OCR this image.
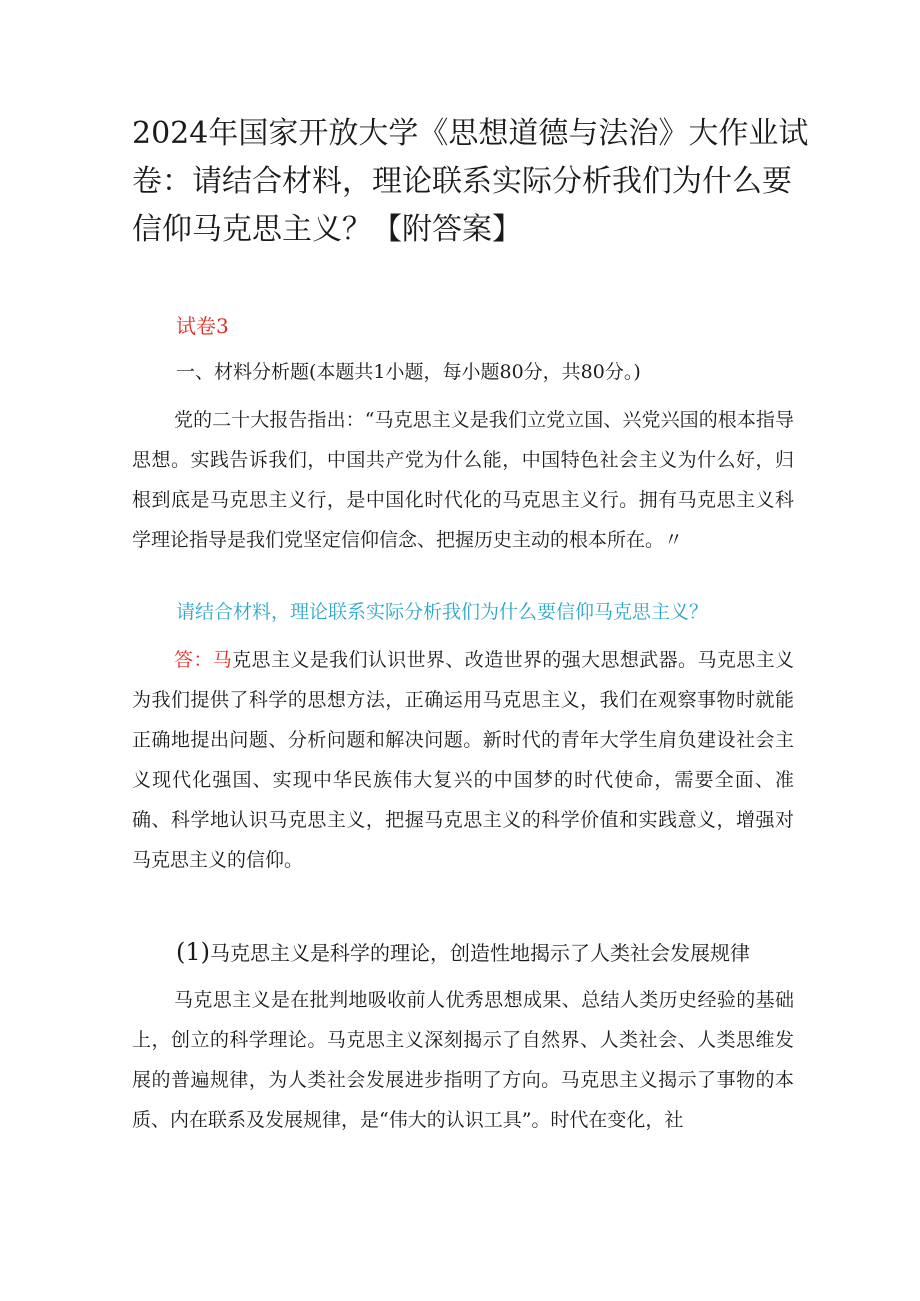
2024年国家开放大学《思想道德与法治》大作业试卷：请结合材料，理论联系实际分析我们为什么要信仰马克思主义？【附答案】

试卷3

一、材料分析题(本题共1小题，每小题80分，共80分。)

党的二十大报告指出：“马克思主义是我们立党立国、兴党兴国的根本指导思想。实践告诉我们，中国共产党为什么能，中国特色社会主义为什么好，归根到底是马克思主义行，是中国化时代化的马克思主义行。拥有马克思主义科学理论指导是我们党坚定信仰信念、把握历史主动的根本所在。〃

请结合材料，理论联系实际分析我们为什么要信仰马克思主义？

答：马克思主义是我们认识世界、改造世界的强大思想武器。马克思主义为我们提供了科学的思想方法，正确运用马克思主义，我们在观察事物时就能正确地提出问题、分析问题和解决问题。新时代的青年大学生肩负建设社会主义现代化强国、实现中华民族伟大复兴的中国梦的时代使命，需要全面、准确、科学地认识马克思主义，把握马克思主义的科学价值和实践意义，增强对马克思主义的信仰。

(1)马克思主义是科学的理论，创造性地揭示了人类社会发展规律

马克思主义是在批判地吸收前人优秀思想成果、总结人类历史经验的基础上，创立的科学理论。马克思主义深刻揭示了自然界、人类社会、人类思维发展的普遍规律，为人类社会发展进步指明了方向。马克思主义揭示了事物的本质、内在联系及发展规律，是“伟大的认识工具”。时代在变化，社
